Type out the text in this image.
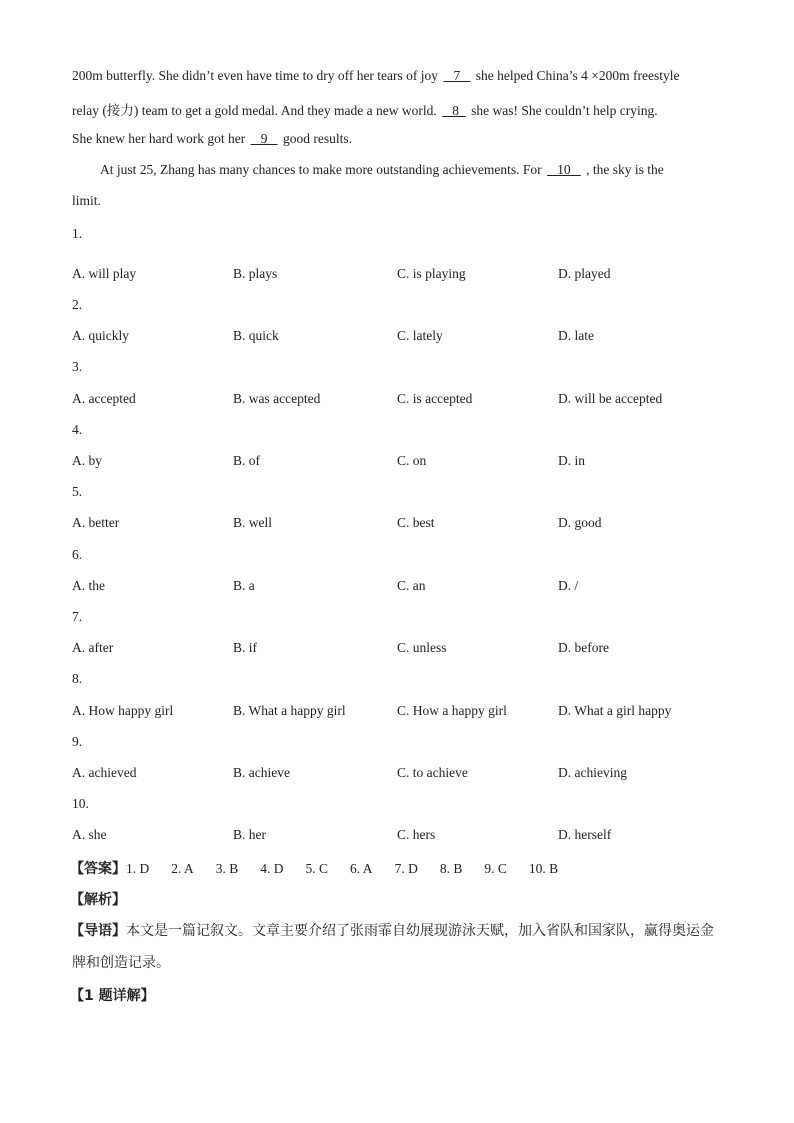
200m butterfly. She didn’t even have time to dry off her tears of joy    7    she helped China’s 4 ×200m freestyle
relay (接力) team to get a gold medal. And they made a new world.    8   she was! She couldn’t help crying.
She knew her hard work got her    9    good results.
At just 25, Zhang has many chances to make more outstanding achievements. For    10    , the sky is the
limit.
1.
A. will play	B. plays	C. is playing	D. played
2.
A. quickly	B. quick	C. lately	D. late
3.
A. accepted	B. was accepted	C. is accepted	D. will be accepted
4.
A. by	B. of	C. on	D. in
5.
A. better	B. well	C. best	D. good
6.
A. the	B. a	C. an	D. /
7.
A. after	B. if	C. unless	D. before
8.
A. How happy girl	B. What a happy girl	C. How a happy girl	D. What a girl happy
9.
A. achieved	B. achieve	C. to achieve	D. achieving
10.
A. she	B. her	C. hers	D. herself
【答案】1. D 2. A 3. B 4. D 5. C 6. A 7. D 8. B 9. C 10. B
【解析】
【导语】本文是一篇记叙文。文章主要介绍了张雨霏自幼展现游泳天赋，加入省队和国家队，赢得奥运金
牌和创造记录。
【1 题详解】
